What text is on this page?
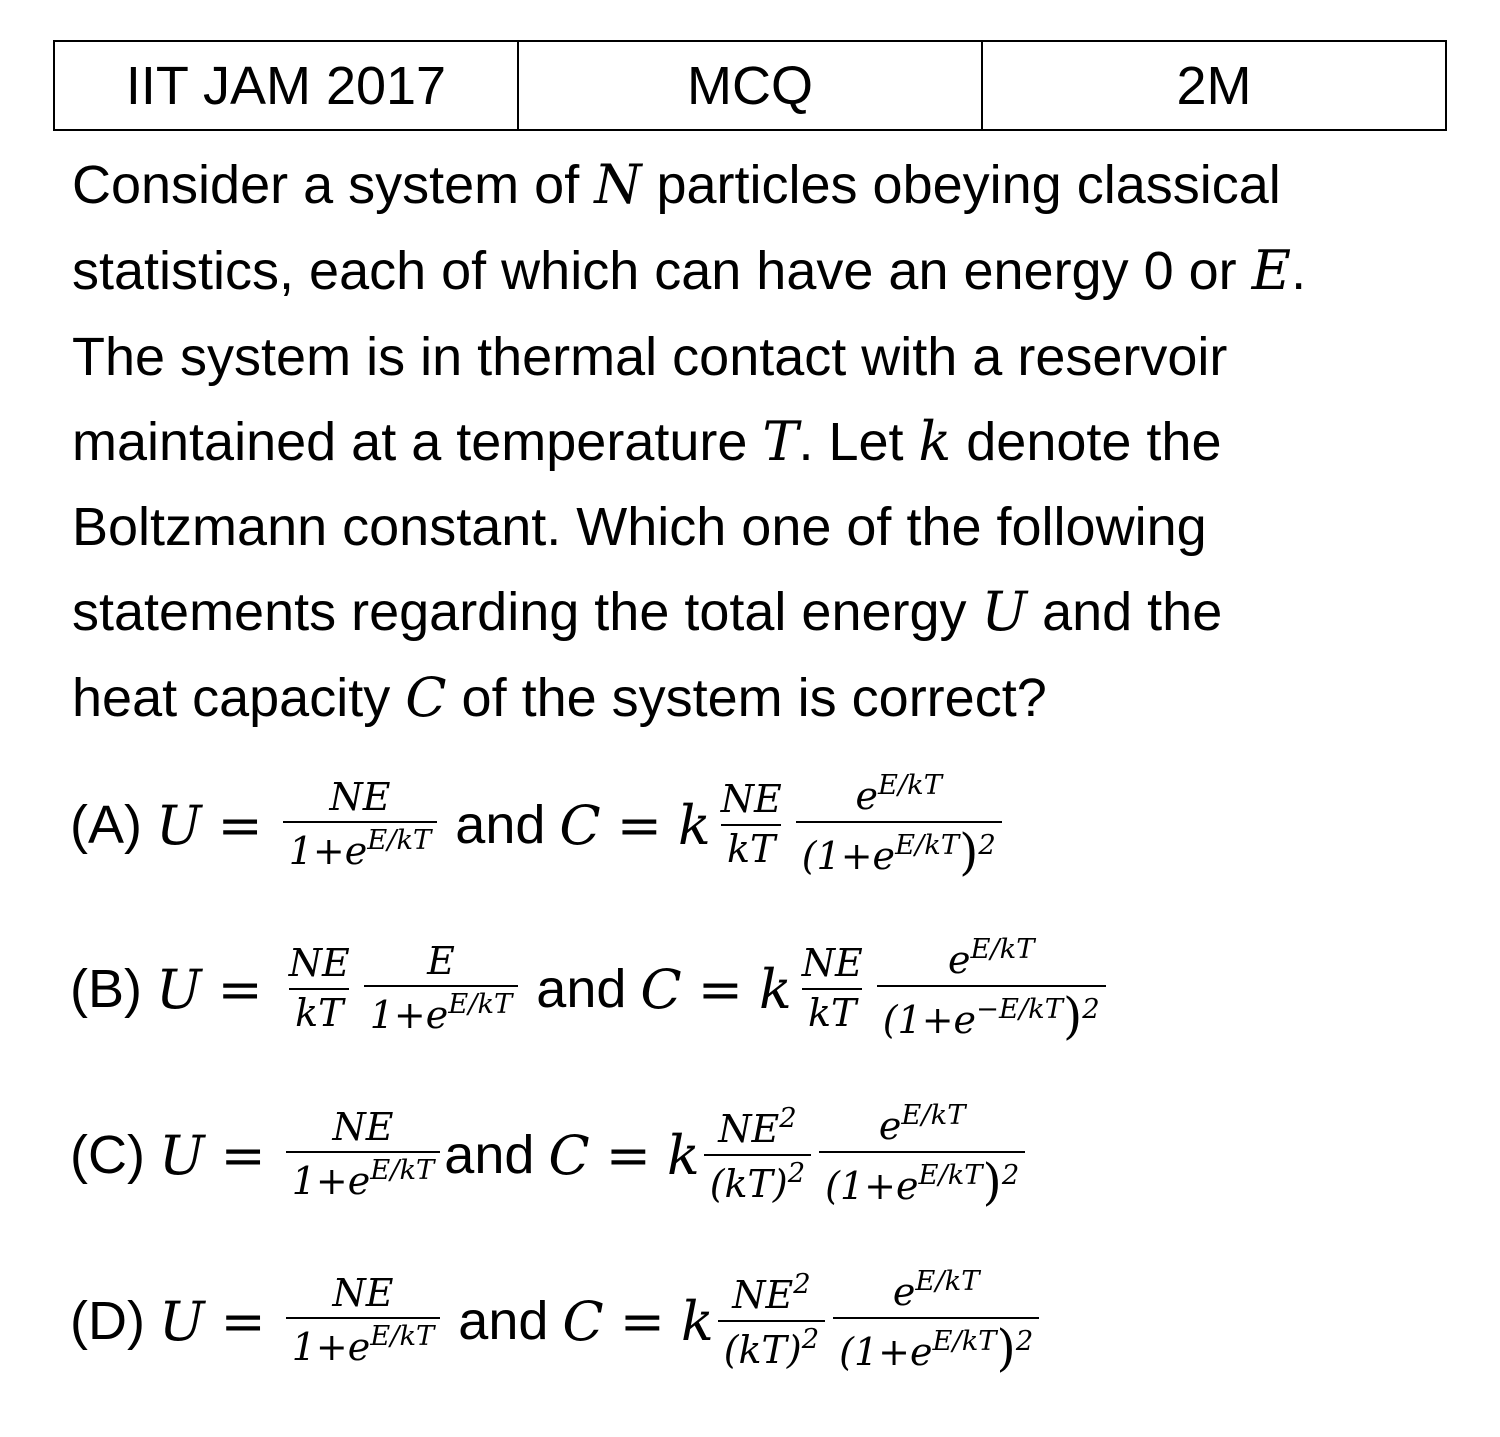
IIT JAM 2017	MCQ	2M
Consider a system of N particles obeying classical
statistics, each of which can have an energy 0 or E.
The system is in thermal contact with a reservoir
maintained at a temperature T. Let k denote the
Boltzmann constant. Which one of the following
statements regarding the total energy U and the
heat capacity C of the system is correct?
(A) $U = \frac{NE}{1+e^{E/kT}}$ and C = k $\frac{NE}{kT} \frac{e^{E/kT}}{(1+e^{E/kT})^2}$
(B) $U = \frac{NE}{kT} \frac{E}{1+e^{E/kT}}$ and C = k $\frac{NE}{kT} \frac{e^{E/kT}}{(1+e^{-E/kT})^2}$
(C) $U = \frac{NE}{1+e^{E/kT}}$ and C = k $\frac{NE^2}{(kT)^2} \frac{e^{E/kT}}{(1+e^{E/kT})^2}$
(D) $U = \frac{NE}{1+e^{E/kT}}$ and C = k $\frac{NE^2}{(kT)^2} \frac{e^{E/kT}}{(1+e^{E/kT})^2}$
